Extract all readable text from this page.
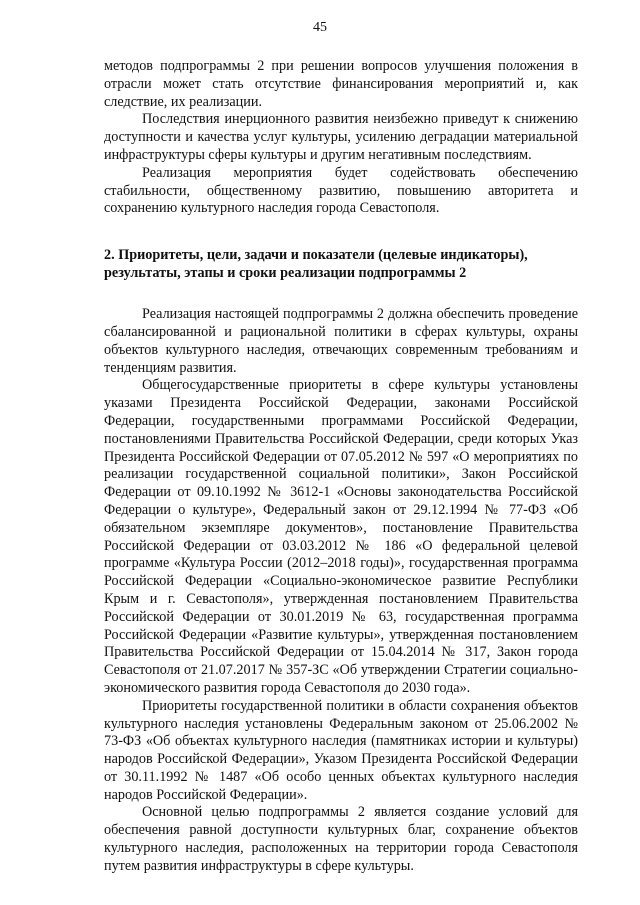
45

методов подпрограммы 2 при решении вопросов улучшения положения в отрасли может стать отсутствие финансирования мероприятий и, как следствие, их реализации.

Последствия инерционного развития неизбежно приведут к снижению доступности и качества услуг культуры, усилению деградации материальной инфраструктуры сферы культуры и другим негативным последствиям.

Реализация мероприятия будет содействовать обеспечению стабильности, общественному развитию, повышению авторитета и сохранению культурного наследия города Севастополя.

2. Приоритеты, цели, задачи и показатели (целевые индикаторы),
результаты, этапы и сроки реализации подпрограммы 2

Реализация настоящей подпрограммы 2 должна обеспечить проведение сбалансированной и рациональной политики в сферах культуры, охраны объектов культурного наследия, отвечающих современным требованиям и тенденциям развития.

Общегосударственные приоритеты в сфере культуры установлены указами Президента Российской Федерации, законами Российской Федерации, государственными программами Российской Федерации, постановлениями Правительства Российской Федерации, среди которых Указ Президента Российской Федерации от 07.05.2012 № 597 «О мероприятиях по реализации государственной социальной политики», Закон Российской Федерации от 09.10.1992 № 3612-1 «Основы законодательства Российской Федерации о культуре», Федеральный закон от 29.12.1994 № 77-ФЗ «Об обязательном экземпляре документов», постановление Правительства Российской Федерации от 03.03.2012 № 186 «О федеральной целевой программе «Культура России (2012–2018 годы)», государственная программа Российской Федерации «Социально-экономическое развитие Республики Крым и г. Севастополя», утвержденная постановлением Правительства Российской Федерации от 30.01.2019 № 63, государственная программа Российской Федерации «Развитие культуры», утвержденная постановлением Правительства Российской Федерации от 15.04.2014 № 317, Закон города Севастополя от 21.07.2017 № 357-ЗС «Об утверждении Стратегии социально-экономического развития города Севастополя до 2030 года».

Приоритеты государственной политики в области сохранения объектов культурного наследия установлены Федеральным законом от 25.06.2002 № 73-ФЗ «Об объектах культурного наследия (памятниках истории и культуры) народов Российской Федерации», Указом Президента Российской Федерации от 30.11.1992 № 1487 «Об особо ценных объектах культурного наследия народов Российской Федерации».

Основной целью подпрограммы 2 является создание условий для обеспечения равной доступности культурных благ, сохранение объектов культурного наследия, расположенных на территории города Севастополя путем развития инфраструктуры в сфере культуры.
